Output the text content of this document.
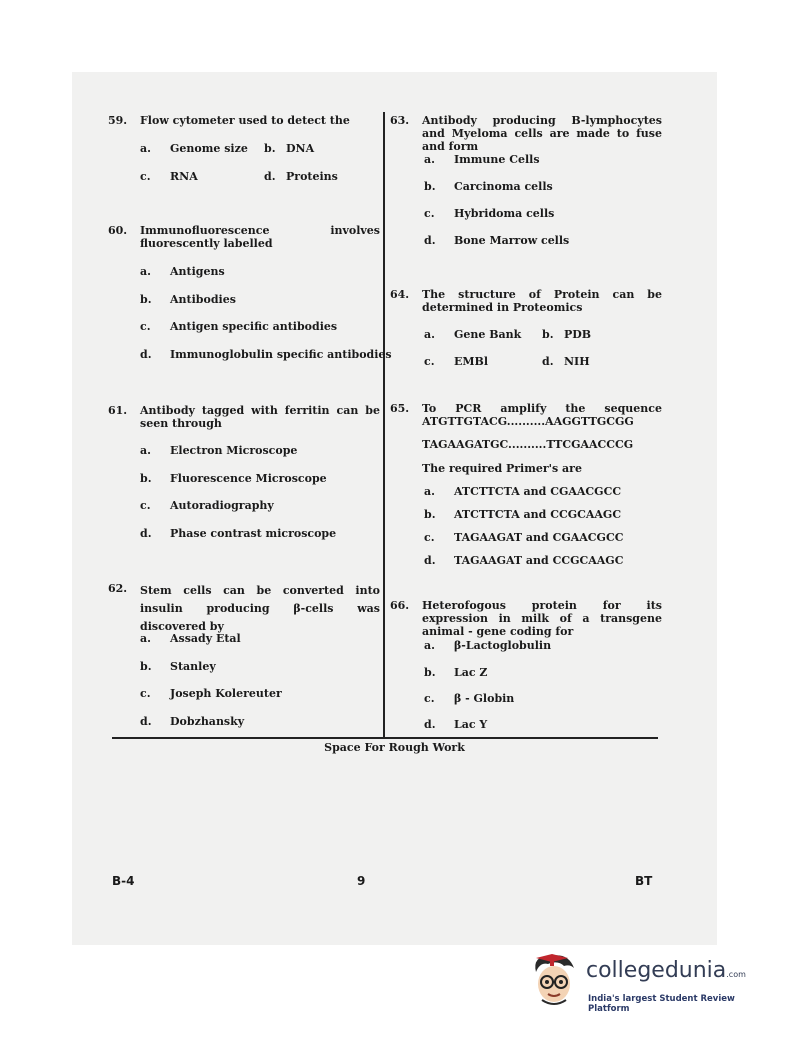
59. Flow cytometer used to detect the
a. Genome size b. DNA
c. RNA	d. Proteins
60. Immunofluorescence involves fluorescently labelled
a. Antigens
b. Antibodies
c. Antigen specific antibodies
d. Immunoglobulin specific antibodies
61. Antibody tagged with ferritin can be seen through
a. Electron Microscope
b. Fluorescence Microscope
c. Autoradiography
d. Phase contrast microscope
62. Stem cells can be converted into insulin producing β-cells was discovered by
a. Assady Etal
b. Stanley
c. Joseph Kolereuter
d. Dobzhansky
63. Antibody producing B-lymphocytes and Myeloma cells are made to fuse and form
a. Immune Cells
b. Carcinoma cells
c. Hybridoma cells
d. Bone Marrow cells
64. The structure of Protein can be determined in Proteomics
a. Gene Bank b. PDB
c. EMBl	d. NIH
65. To PCR amplify the sequence ATGTTGTACG..........AAGGTTGCGG
TAGAAGATGC..........TTCGAACCCG
The required Primer's are
a. ATCTTCTA and CGAACGCC
b. ATCTTCTA and CCGCAAGC
c. TAGAAGAT and CGAACGCC
d. TAGAAGAT and CCGCAAGC
66. Heterofogous protein for its expression in milk of a transgene animal - gene coding for
a. β-Lactoglobulin
b. Lac Z
c. β - Globin
d. Lac Y
Space For Rough Work
B-4	9	BT
collegedunia.com
India's largest Student Review Platform
